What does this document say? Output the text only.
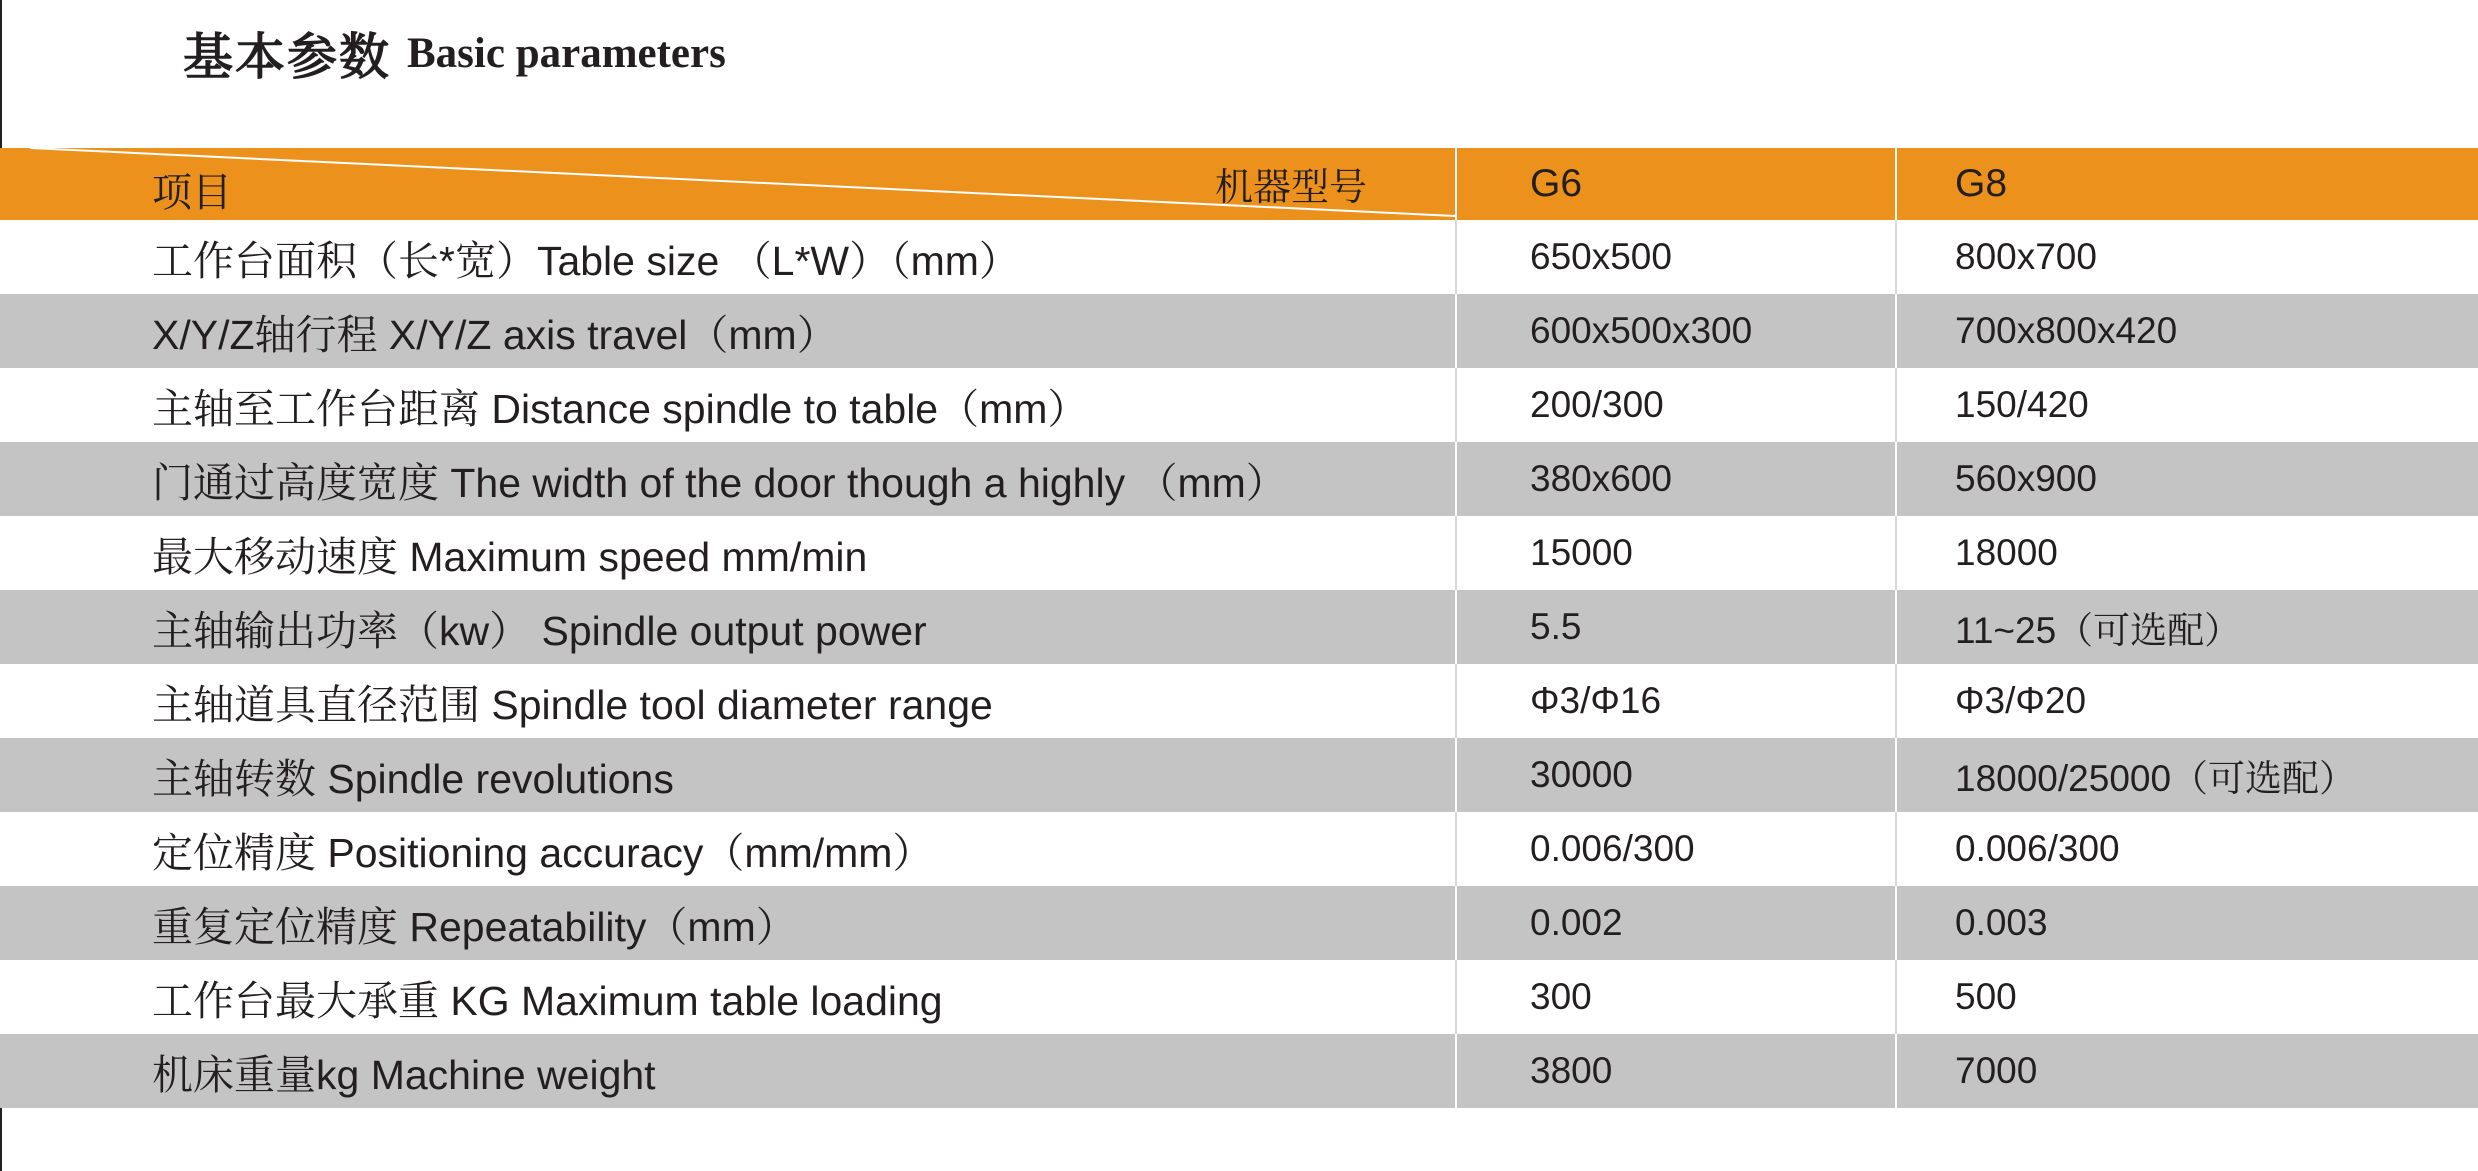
基本参数 Basic parameters
项目	机器型号	G6	G8
工作台面积（长*宽）Table size （L*W）（mm）	650x500	800x700
X/Y/Z轴行程 X/Y/Z axis travel（mm）	600x500x300	700x800x420
主轴至工作台距离 Distance spindle to table（mm）	200/300	150/420
门通过高度宽度 The width of the door though a highly （mm）	380x600	560x900
最大移动速度 Maximum speed mm/min	15000	18000
主轴输出功率（kw） Spindle output power	5.5	11~25（可选配）
主轴道具直径范围 Spindle tool diameter range	Φ3/Φ16	Φ3/Φ20
主轴转数 Spindle revolutions	30000	18000/25000（可选配）
定位精度 Positioning accuracy（mm/mm）	0.006/300	0.006/300
重复定位精度 Repeatability（mm）	0.002	0.003
工作台最大承重 KG Maximum table loading	300	500
机床重量kg Machine weight	3800	7000
